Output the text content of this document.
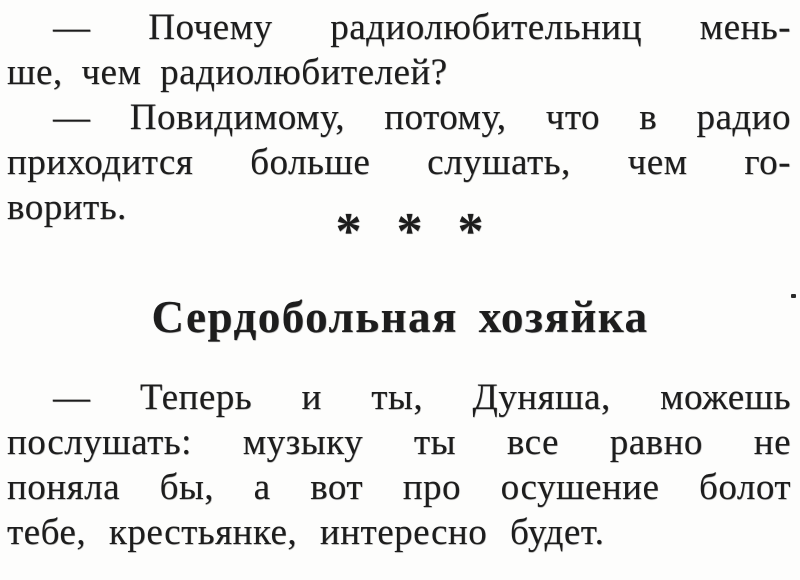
— Почему радиолюбительниц мень-
ше, чем радиолюбителей?
— Повидимому, потому, что в радио
приходится больше слушать, чем го-
ворить.	* * *
Сердобольная хозяйка
— Теперь и ты, Дуняша, можешь
послушать: музыку ты все равно не
поняла бы, а вот про осушение болот
тебе, крестьянке, интересно будет.
